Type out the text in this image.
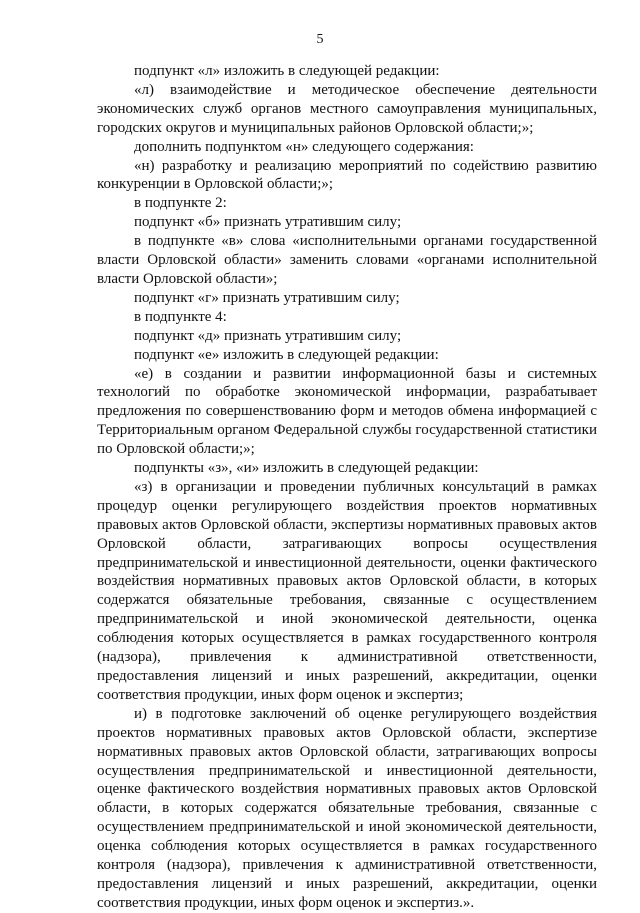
5

подпункт «л» изложить в следующей редакции:

«л) взаимодействие и методическое обеспечение деятельности экономических служб органов местного самоуправления муниципальных, городских округов и муниципальных районов Орловской области;»;

дополнить подпунктом «н» следующего содержания:

«н) разработку и реализацию мероприятий по содействию развитию конкуренции в Орловской области;»;

в подпункте 2:

подпункт «б» признать утратившим силу;

в подпункте «в» слова «исполнительными органами государственной власти Орловской области» заменить словами «органами исполнительной власти Орловской области»;

подпункт «г» признать утратившим силу;

в подпункте 4:

подпункт «д» признать утратившим силу;

подпункт «е» изложить в следующей редакции:

«е) в создании и развитии информационной базы и системных технологий по обработке экономической информации, разрабатывает предложения по совершенствованию форм и методов обмена информацией с Территориальным органом Федеральной службы государственной статистики по Орловской области;»;

подпункты «з», «и» изложить в следующей редакции:

«з) в организации и проведении публичных консультаций в рамках процедур оценки регулирующего воздействия проектов нормативных правовых актов Орловской области, экспертизы нормативных правовых актов Орловской области, затрагивающих вопросы осуществления предпринимательской и инвестиционной деятельности, оценки фактического воздействия нормативных правовых актов Орловской области, в которых содержатся обязательные требования, связанные с осуществлением предпринимательской и иной экономической деятельности, оценка соблюдения которых осуществляется в рамках государственного контроля (надзора), привлечения к административной ответственности, предоставления лицензий и иных разрешений, аккредитации, оценки соответствия продукции, иных форм оценок и экспертиз;

и) в подготовке заключений об оценке регулирующего воздействия проектов нормативных правовых актов Орловской области, экспертизе нормативных правовых актов Орловской области, затрагивающих вопросы осуществления предпринимательской и инвестиционной деятельности, оценке фактического воздействия нормативных правовых актов Орловской области, в которых содержатся обязательные требования, связанные с осуществлением предпринимательской и иной экономической деятельности, оценка соблюдения которых осуществляется в рамках государственного контроля (надзора), привлечения к административной ответственности, предоставления лицензий и иных разрешений, аккредитации, оценки соответствия продукции, иных форм оценок и экспертиз.».
